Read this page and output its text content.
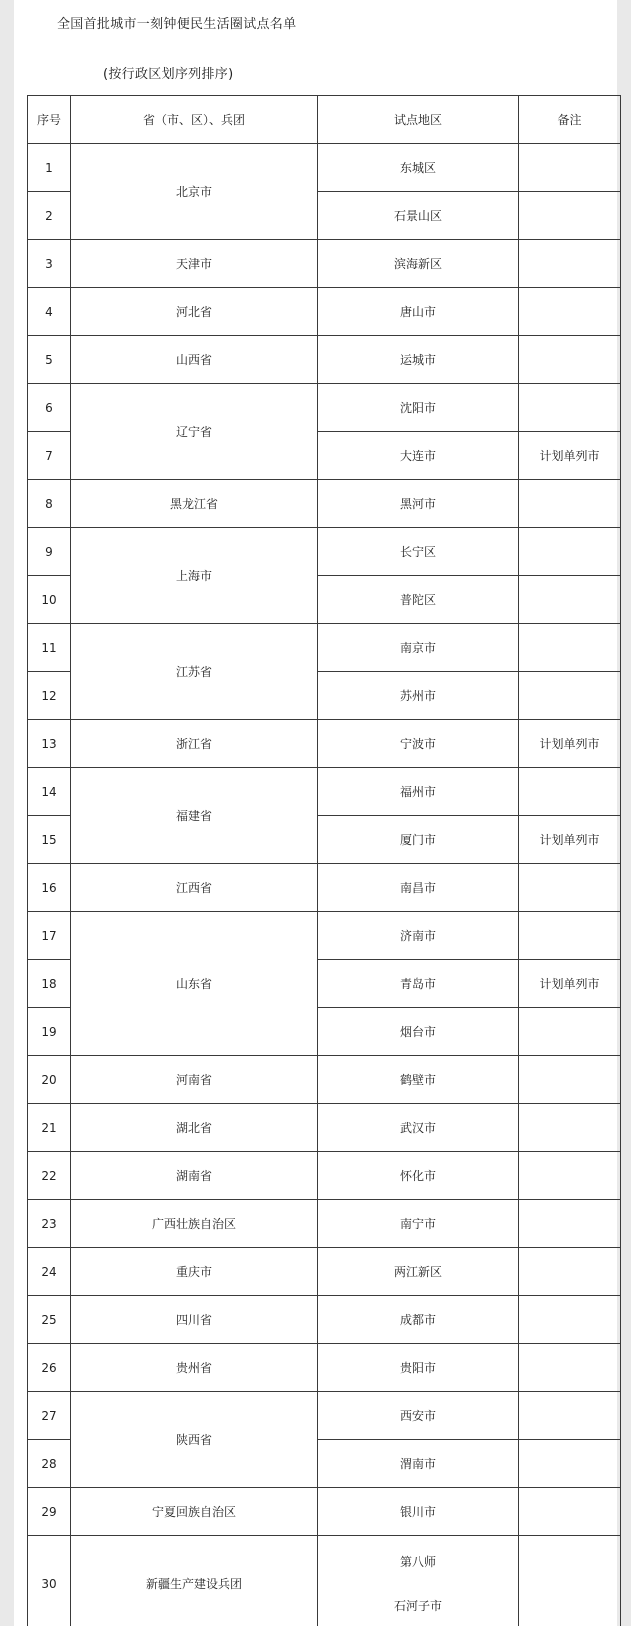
全国首批城市一刻钟便民生活圈试点名单
(按行政区划序列排序)
序号	省（市、区）、兵团	试点地区	备注
1	北京市	东城区	
2		石景山区	
3	天津市	滨海新区	
4	河北省	唐山市	
5	山西省	运城市	
6	辽宁省	沈阳市	
7		大连市	计划单列市
8	黑龙江省	黑河市	
9	上海市	长宁区	
10		普陀区	
11	江苏省	南京市	
12		苏州市	
13	浙江省	宁波市	计划单列市
14	福建省	福州市	
15		厦门市	计划单列市
16	江西省	南昌市	
17	山东省	济南市	
18		青岛市	计划单列市
19		烟台市	
20	河南省	鹤壁市	
21	湖北省	武汉市	
22	湖南省	怀化市	
23	广西壮族自治区	南宁市	
24	重庆市	两江新区	
25	四川省	成都市	
26	贵州省	贵阳市	
27	陕西省	西安市	
28		渭南市	
29	宁夏回族自治区	银川市	
30	新疆生产建设兵团	第八师
石河子市	
